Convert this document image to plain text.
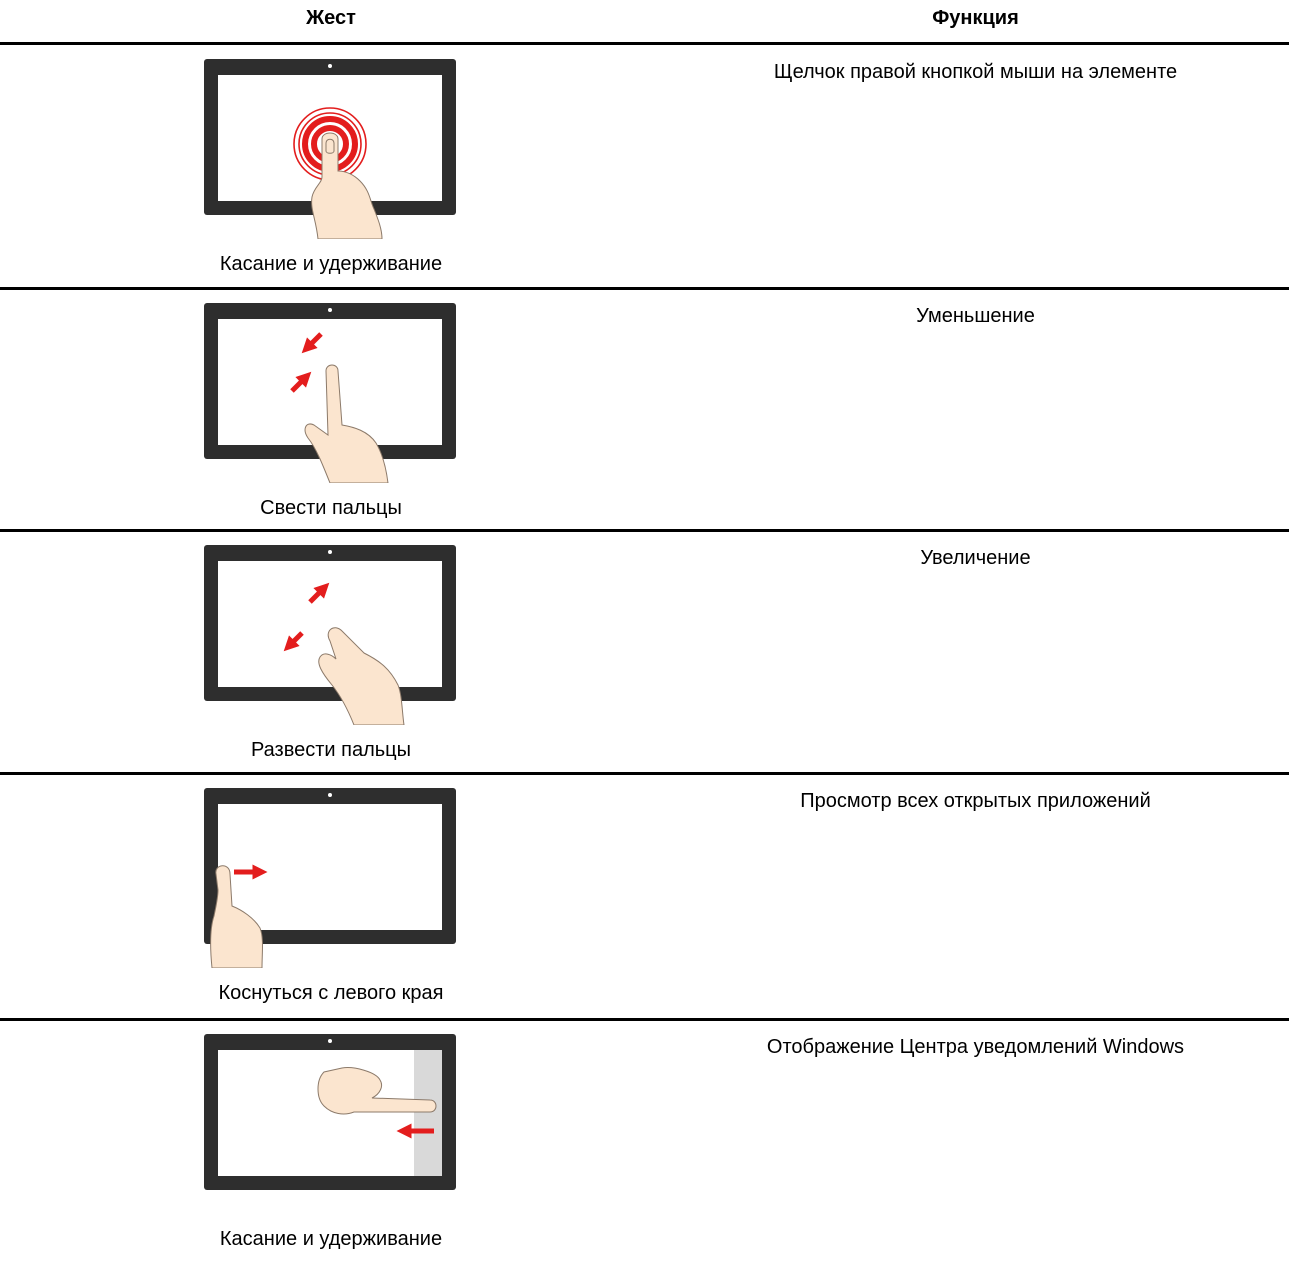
Жест	Функция
Касание и удерживание
Щелчок правой кнопкой мыши на элементе
Свести пальцы
Уменьшение
Развести пальцы
Увеличение
Коснуться с левого края
Просмотр всех открытых приложений
Касание и удерживание
Отображение Центра уведомлений Windows
